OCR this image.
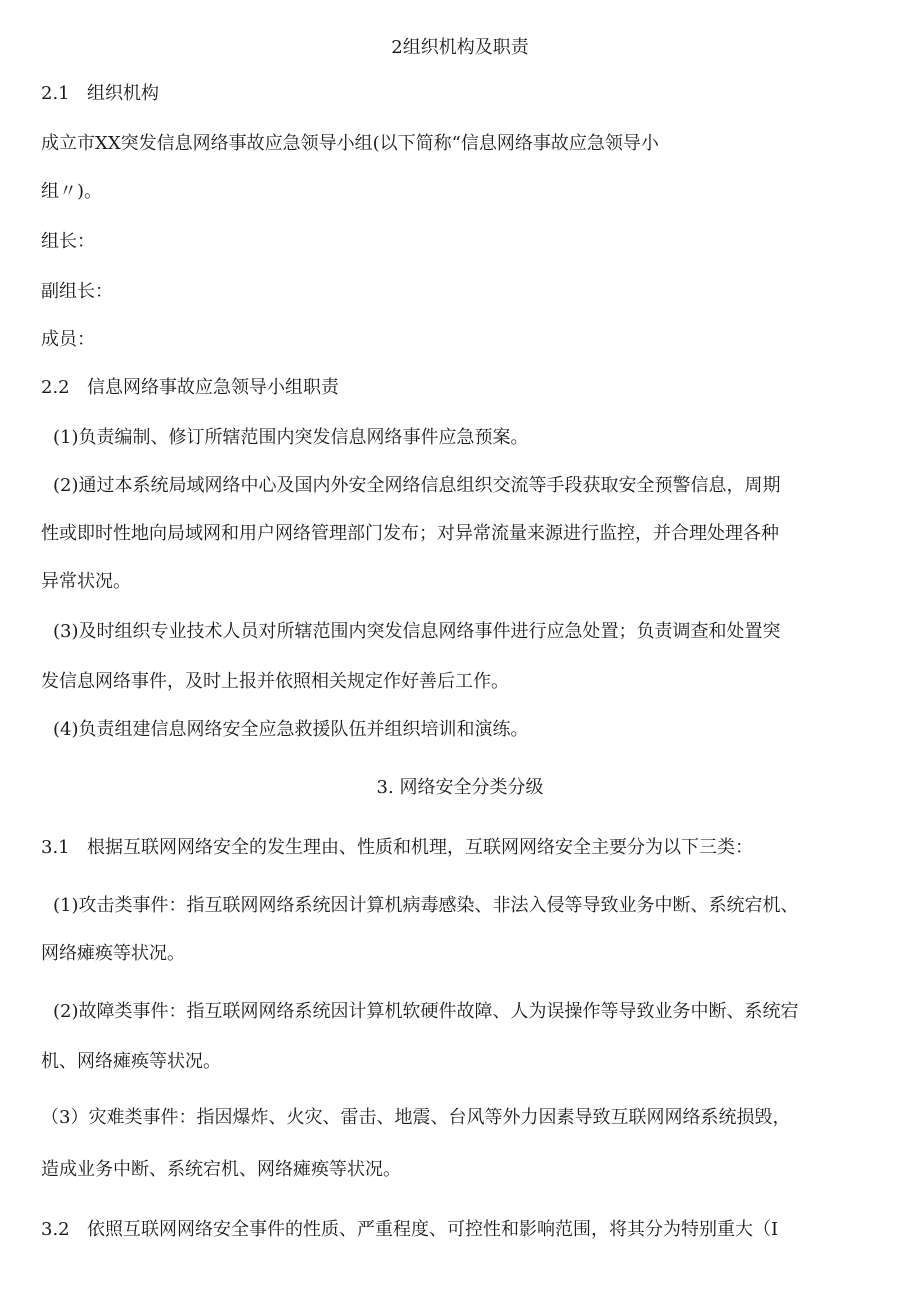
2组织机构及职责
2.1 组织机构
成立市XX突发信息网络事故应急领导小组(以下简称“信息网络事故应急领导小
组〃)。
组长：
副组长：
成员：
2.2 信息网络事故应急领导小组职责
(1)负责编制、修订所辖范围内突发信息网络事件应急预案。
(2)通过本系统局域网络中心及国内外安全网络信息组织交流等手段获取安全预警信息，周期
性或即时性地向局域网和用户网络管理部门发布；对异常流量来源进行监控，并合理处理各种
异常状况。
(3)及时组织专业技术人员对所辖范围内突发信息网络事件进行应急处置；负责调查和处置突
发信息网络事件，及时上报并依照相关规定作好善后工作。
(4)负责组建信息网络安全应急救援队伍并组织培训和演练。
3. 网络安全分类分级
3.1 根据互联网网络安全的发生理由、性质和机理，互联网网络安全主要分为以下三类：
(1)攻击类事件：指互联网网络系统因计算机病毒感染、非法入侵等导致业务中断、系统宕机、
网络瘫痪等状况。
(2)故障类事件：指互联网网络系统因计算机软硬件故障、人为误操作等导致业务中断、系统宕
机、网络瘫痪等状况。
（3）灾难类事件：指因爆炸、火灾、雷击、地震、台风等外力因素导致互联网网络系统损毁，
造成业务中断、系统宕机、网络瘫痪等状况。
3.2 依照互联网网络安全事件的性质、严重程度、可控性和影响范围，将其分为特别重大（I
